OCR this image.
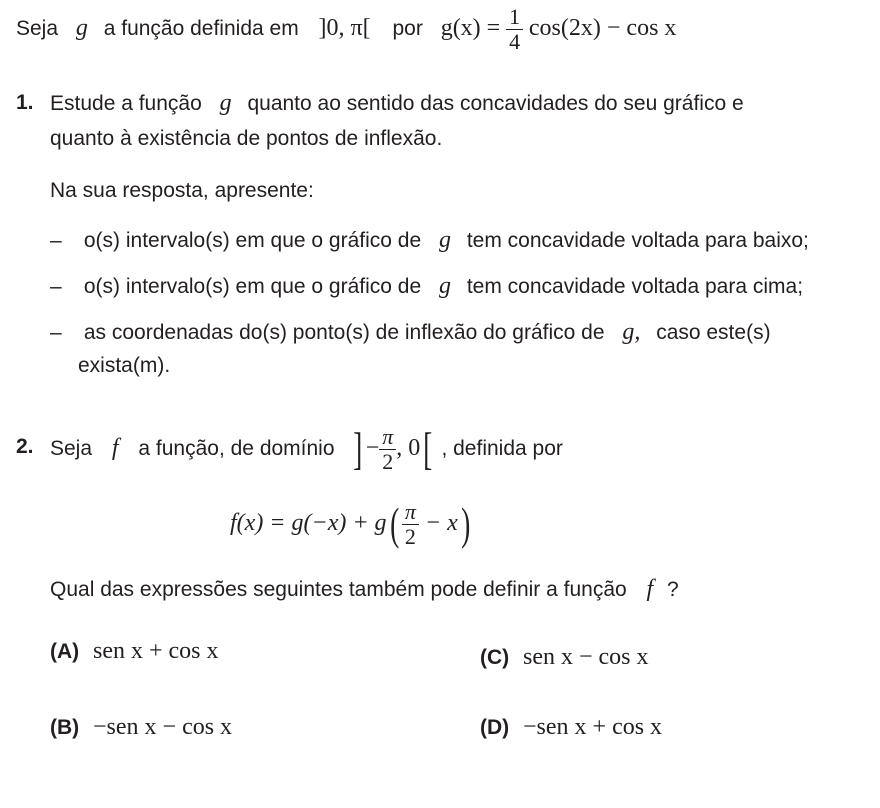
Seja g a função definida em ]0, π[ por $g(x) = \frac{1}{4} \cos(2x) - \cos x$
1. Estude a função g quanto ao sentido das concavidades do seu gráfico e
quanto à existência de pontos de inflexão.
Na sua resposta, apresente:
– o(s) intervalo(s) em que o gráfico de g tem concavidade voltada para baixo;
– o(s) intervalo(s) em que o gráfico de g tem concavidade voltada para cima;
– as coordenadas do(s) ponto(s) de inflexão do gráfico de g, caso este(s)
exista(m).
2. Seja f a função, de domínio ] − $\frac{\pi}{2}$ , 0[ , definida por
$f(x) = g(-x) + g( \frac{\pi}{2} - x)$
Qual das expressões seguintes também pode definir a função f ?
(A) sen x + cos x
(B) −sen x − cos x
(C) sen x − cos x
(D) −sen x + cos x
